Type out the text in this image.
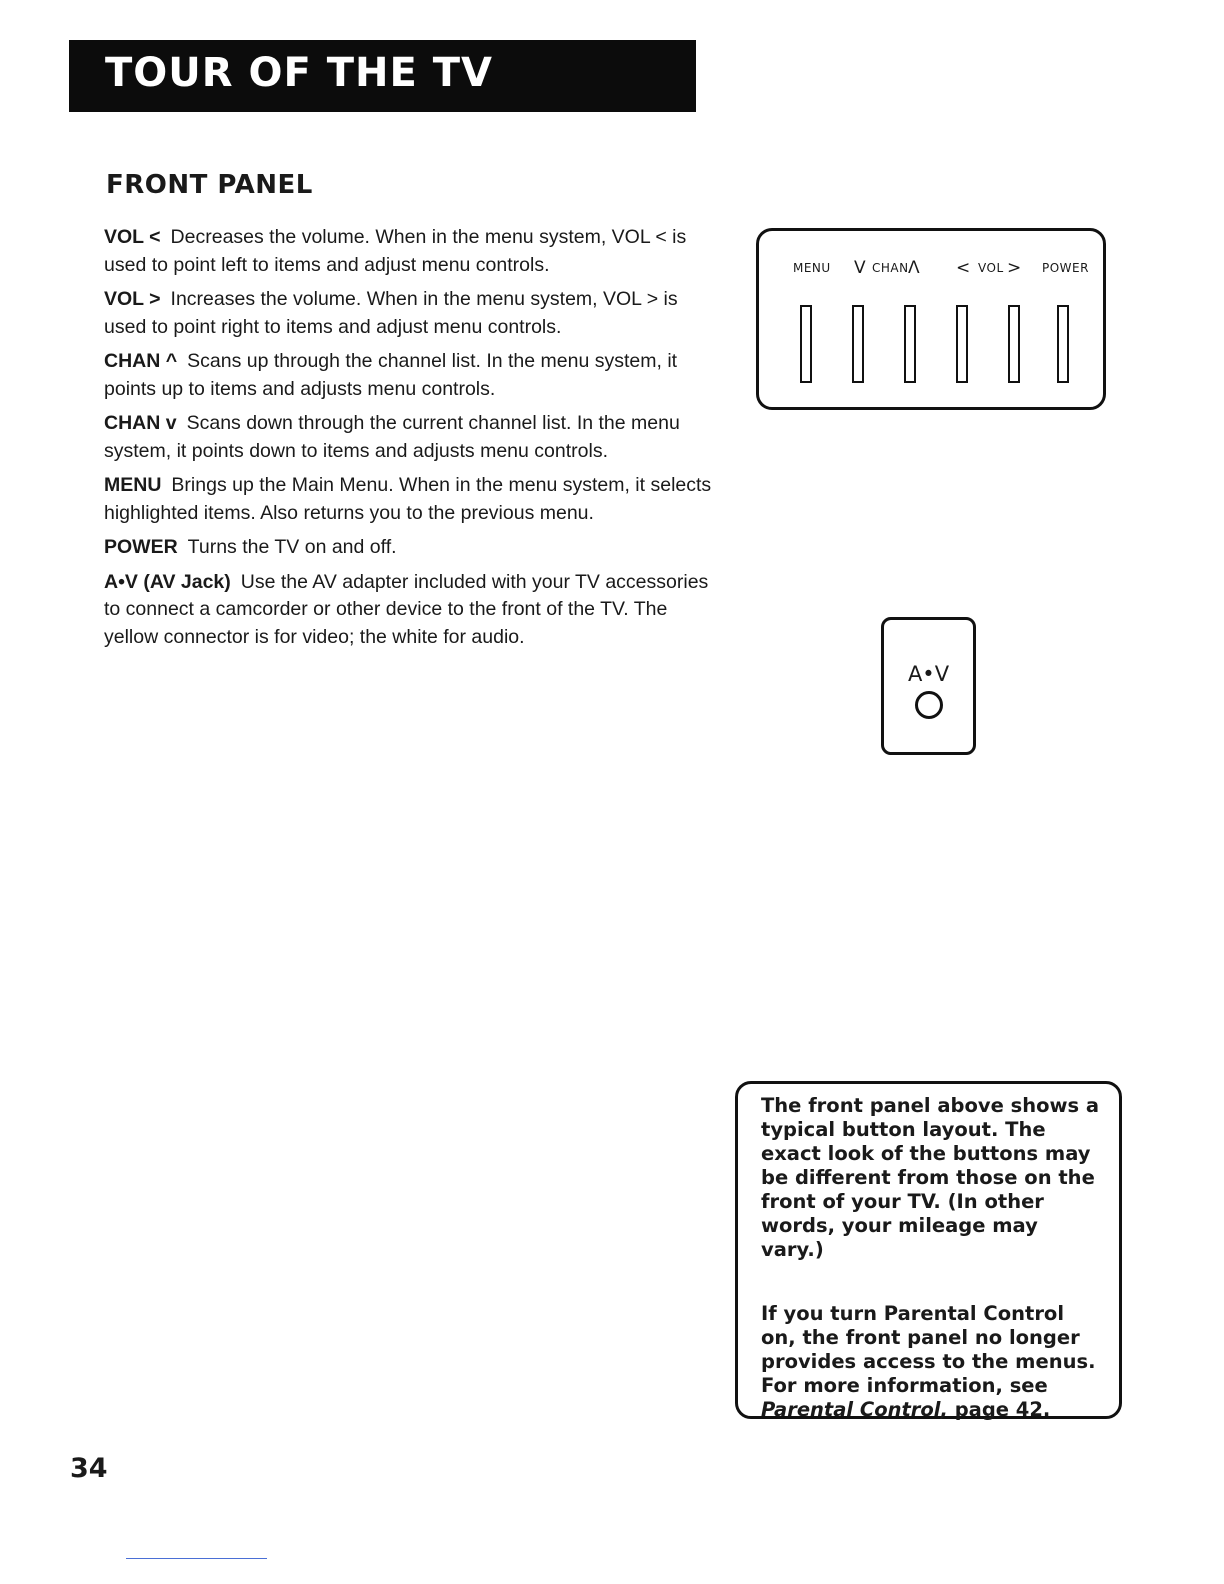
TOUR OF THE TV
FRONT PANEL

VOL < Decreases the volume. When in the menu system, VOL < is used to point left to items and adjust menu controls.

VOL > Increases the volume. When in the menu system, VOL > is used to point right to items and adjust menu controls.

CHAN ^ Scans up through the channel list. In the menu system, it points up to items and adjusts menu controls.

CHAN v Scans down through the current channel list. In the menu system, it points down to items and adjusts menu controls.

MENU Brings up the Main Menu. When in the menu system, it selects highlighted items. Also returns you to the previous menu.

POWER Turns the TV on and off.

A•V (AV Jack) Use the AV adapter included with your TV accessories to connect a camcorder or other device to the front of the TV. The yellow connector is for video; the white for audio.

MENU V CHAN Λ < VOL > POWER
A•V

The front panel above shows a typical button layout. The exact look of the buttons may be different from those on the front of your TV. (In other words, your mileage may vary.)

If you turn Parental Control on, the front panel no longer provides access to the menus. For more information, see Parental Control, page 42.

34
